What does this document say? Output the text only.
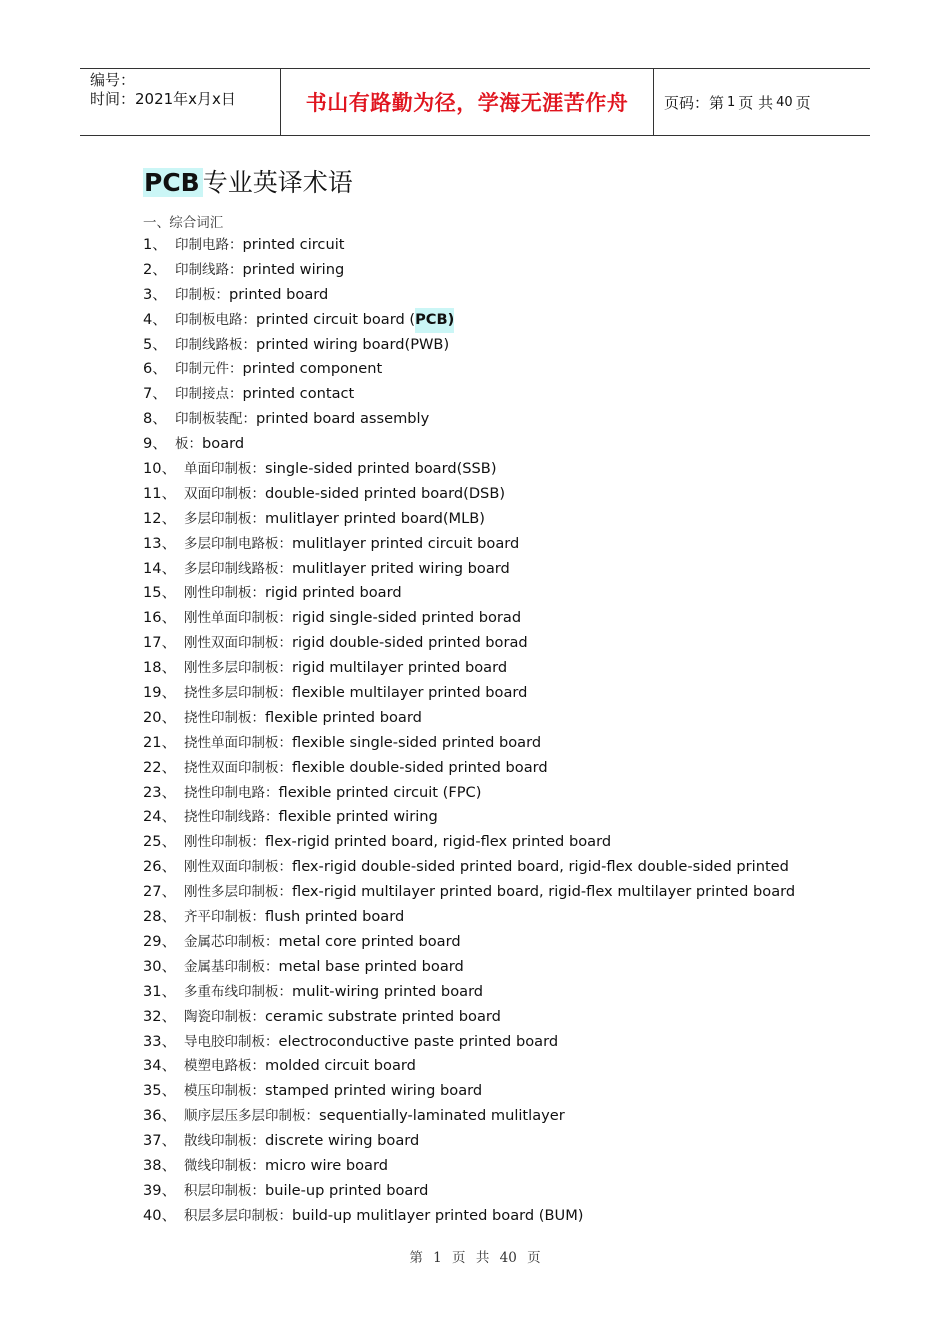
编号：
时间：2021年x月x日	书山有路勤为径，学海无涯苦作舟	页码：第 1 页 共 40 页
PCB 专业英译术语
一、 综合词汇
1、 印制电路： printed circuit
2、 印制线路： printed wiring
3、 印制板： printed board
4、 印制板电路： printed circuit board ( PCB)
5、 印制线路板： printed wiring board(PWB)
6、 印制元件： printed component
7、 印制接点： printed contact
8、 印制板装配： printed board assembly
9、 板： board
10、 单面印制板： single-sided printed board(SSB)
11、 双面印制板： double-sided printed board(DSB)
12、 多层印制板： mulitlayer printed board(MLB)
13、 多层印制电路板： mulitlayer printed circuit board
14、 多层印制线路板： mulitlayer prited wiring board
15、 刚性印制板： rigid printed board
16、 刚性单面印制板： rigid single-sided printed borad
17、 刚性双面印制板： rigid double-sided printed borad
18、 刚性多层印制板： rigid multilayer printed board
19、 挠性多层印制板： flexible multilayer printed board
20、 挠性印制板： flexible printed board
21、 挠性单面印制板： flexible single-sided printed board
22、 挠性双面印制板： flexible double-sided printed board
23、 挠性印制电路： flexible printed circuit (FPC)
24、 挠性印制线路： flexible printed wiring
25、 刚性印制板： flex-rigid printed board, rigid-flex printed board
26、 刚性双面印制板： flex-rigid double-sided printed board, rigid-flex double-sided printed
27、 刚性多层印制板： flex-rigid multilayer printed board, rigid-flex multilayer printed board
28、 齐平印制板： flush printed board
29、 金属芯印制板： metal core printed board
30、 金属基印制板： metal base printed board
31、 多重布线印制板： mulit-wiring printed board
32、 陶瓷印制板： ceramic substrate printed board
33、 导电胶印制板： electroconductive paste printed board
34、 模塑电路板： molded circuit board
35、 模压印制板： stamped printed wiring board
36、 顺序层压多层印制板： sequentially-laminated mulitlayer
37、 散线印制板： discrete wiring board
38、 微线印制板： micro wire board
39、 积层印制板： buile-up printed board
40、 积层多层印制板： build-up mulitlayer printed board (BUM)
第 1 页 共 40 页
